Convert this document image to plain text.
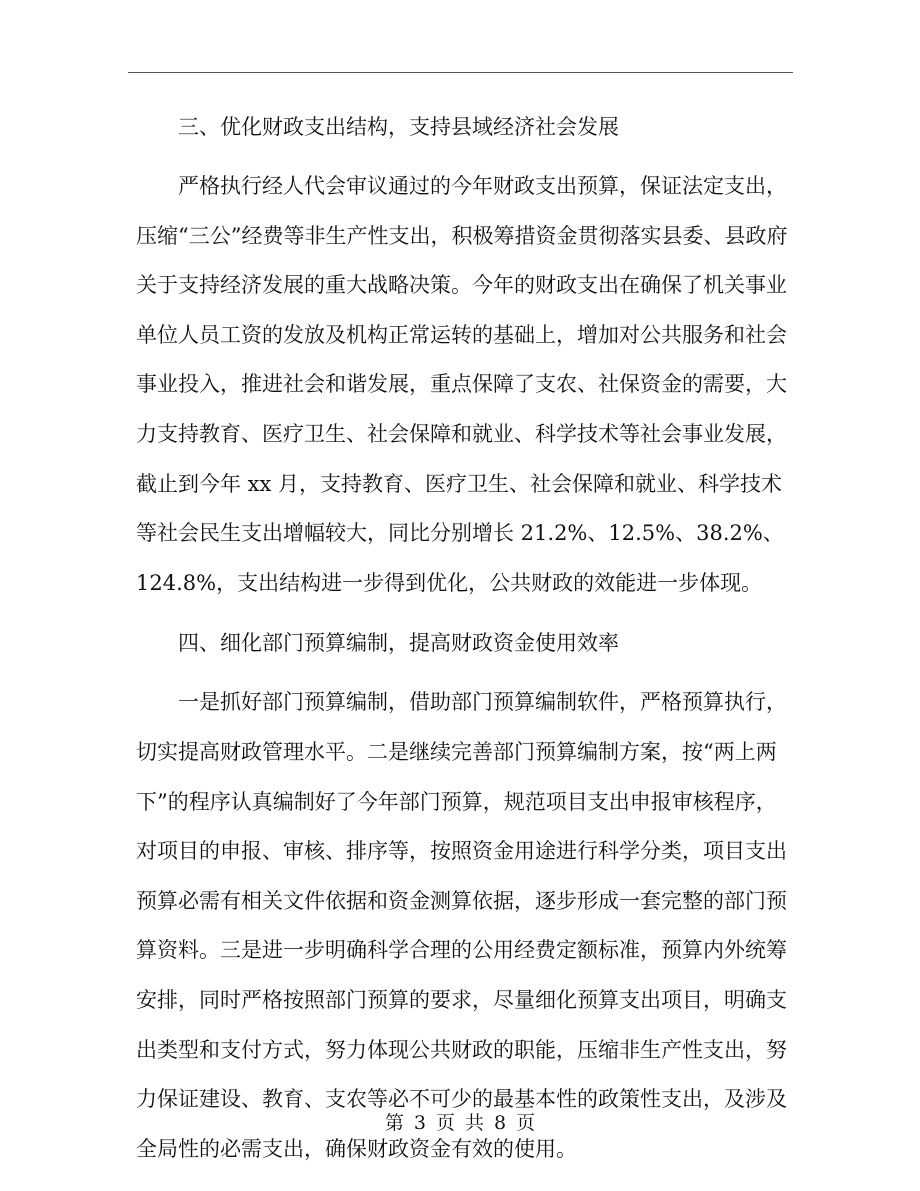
三、优化财政支出结构，支持县域经济社会发展
严格执行经人代会审议通过的今年财政支出预算，保证法定支出，
压缩“三公”经费等非生产性支出，积极筹措资金贯彻落实县委、县政府
关于支持经济发展的重大战略决策。今年的财政支出在确保了机关事业
单位人员工资的发放及机构正常运转的基础上，增加对公共服务和社会
事业投入，推进社会和谐发展，重点保障了支农、社保资金的需要，大
力支持教育、医疗卫生、社会保障和就业、科学技术等社会事业发展，
截止到今年 xx 月，支持教育、医疗卫生、社会保障和就业、科学技术
等社会民生支出增幅较大，同比分别增长 21.2%、12.5%、38.2%、
124.8%，支出结构进一步得到优化，公共财政的效能进一步体现。
四、细化部门预算编制，提高财政资金使用效率
一是抓好部门预算编制，借助部门预算编制软件，严格预算执行，
切实提高财政管理水平。二是继续完善部门预算编制方案，按“两上两
下”的程序认真编制好了今年部门预算，规范项目支出申报审核程序，
对项目的申报、审核、排序等，按照资金用途进行科学分类，项目支出
预算必需有相关文件依据和资金测算依据，逐步形成一套完整的部门预
算资料。三是进一步明确科学合理的公用经费定额标准，预算内外统筹
安排，同时严格按照部门预算的要求，尽量细化预算支出项目，明确支
出类型和支付方式，努力体现公共财政的职能，压缩非生产性支出，努
力保证建设、教育、支农等必不可少的最基本性的政策性支出，及涉及
全局性的必需支出，确保财政资金有效的使用。
第 3 页 共 8 页
